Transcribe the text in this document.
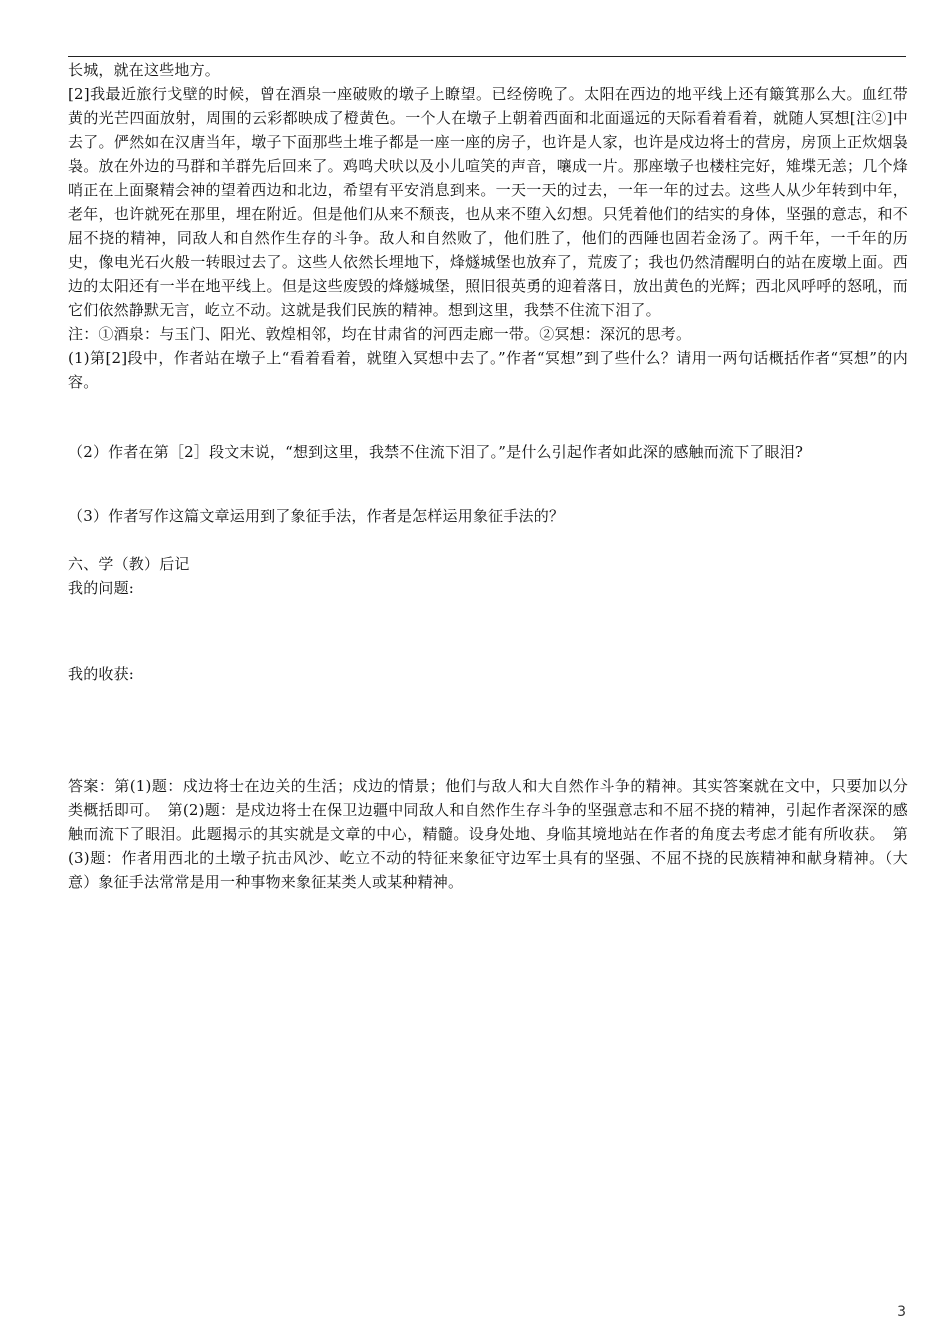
长城，就在这些地方。

[2]我最近旅行戈壁的时候，曾在酒泉一座破败的墩子上瞭望。已经傍晚了。太阳在西边的地平线上还有簸箕那么大。血红带黄的光芒四面放射，周围的云彩都映成了橙黄色。一个人在墩子上朝着西面和北面遥远的天际看着看着，就随人冥想[注②]中去了。俨然如在汉唐当年，墩子下面那些土堆子都是一座一座的房子，也许是人家，也许是戍边将士的营房，房顶上正炊烟袅袅。放在外边的马群和羊群先后回来了。鸡鸣犬吠以及小儿喧笑的声音，嚷成一片。那座墩子也楼柱完好，雉堞无恙；几个烽哨正在上面聚精会神的望着西边和北边，希望有平安消息到来。一天一天的过去，一年一年的过去。这些人从少年转到中年，老年，也许就死在那里，埋在附近。但是他们从来不颓丧，也从来不堕入幻想。只凭着他们的结实的身体，坚强的意志，和不屈不挠的精神，同敌人和自然作生存的斗争。敌人和自然败了，他们胜了，他们的西陲也固若金汤了。两千年，一千年的历史，像电光石火般一转眼过去了。这些人依然长埋地下，烽燧城堡也放弃了，荒废了；我也仍然清醒明白的站在废墩上面。西边的太阳还有一半在地平线上。但是这些废毁的烽燧城堡，照旧很英勇的迎着落日，放出黄色的光辉；西北风呼呼的怒吼，而它们依然静默无言，屹立不动。这就是我们民族的精神。想到这里，我禁不住流下泪了。

注：①酒泉：与玉门、阳光、敦煌相邻，均在甘肃省的河西走廊一带。②冥想：深沉的思考。

(1)第[2]段中，作者站在墩子上“看着看着，就堕入冥想中去了。”作者“冥想”到了些什么？请用一两句话概括作者“冥想”的内容。

（2）作者在第［2］段文末说，“想到这里，我禁不住流下泪了。”是什么引起作者如此深的感触而流下了眼泪?

（3）作者写作这篇文章运用到了象征手法，作者是怎样运用象征手法的？

六、学（教）后记

我的问题:

我的收获:

答案：第(1)题：戍边将士在边关的生活；戍边的情景；他们与敌人和大自然作斗争的精神。其实答案就在文中，只要加以分类概括即可。　第(2)题：是戍边将士在保卫边疆中同敌人和自然作生存斗争的坚强意志和不屈不挠的精神，引起作者深深的感触而流下了眼泪。此题揭示的其实就是文章的中心，精髓。设身处地、身临其境地站在作者的角度去考虑才能有所收获。　第(3)题：作者用西北的土墩子抗击风沙、屹立不动的特征来象征守边军士具有的坚强、不屈不挠的民族精神和献身精神。（大意）象征手法常常是用一种事物来象征某类人或某种精神。

3
